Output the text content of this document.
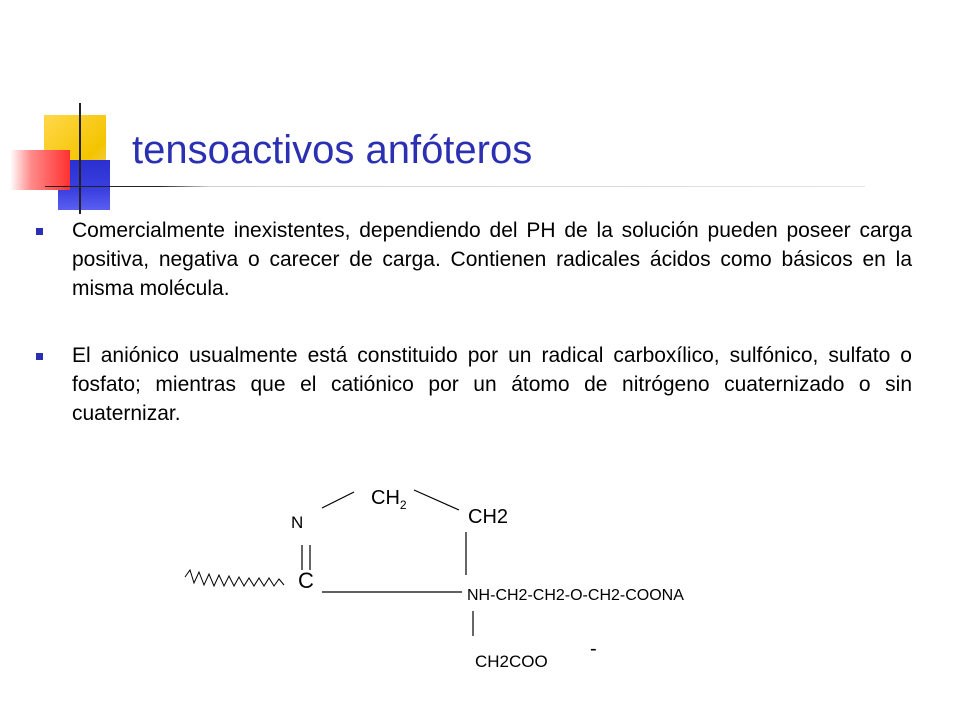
tensoactivos anfóteros

Comercialmente inexistentes, dependiendo del PH de la solución pueden poseer carga positiva, negativa o carecer de carga. Contienen radicales ácidos como básicos en la misma molécula.

El aniónico usualmente está constituido por un radical carboxílico, sulfónico, sulfato o fosfato; mientras que el catiónico por un átomo de nitrógeno cuaternizado o sin cuaternizar.

$CH_2$
N	CH2
C
NH-CH2-CH2-O-CH2-COONA
CH2COO
-
